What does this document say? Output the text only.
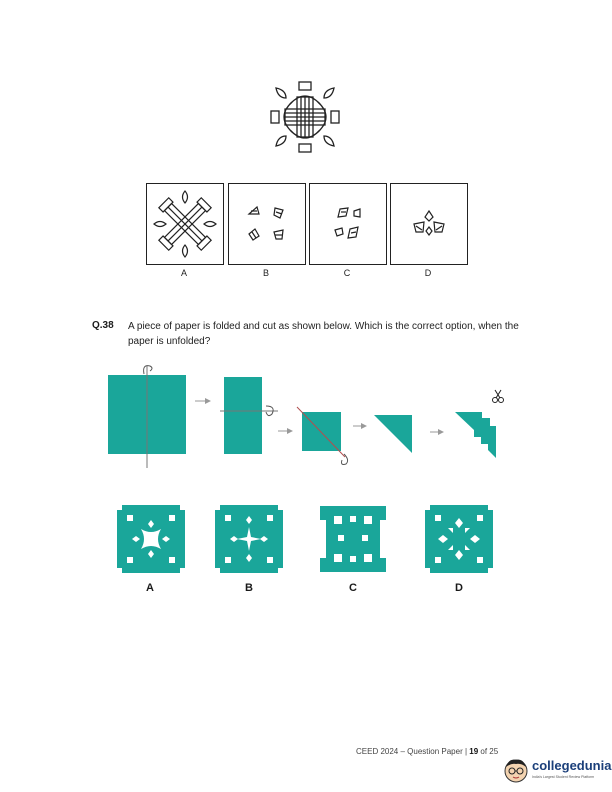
A	B	C	D
Q.38 A piece of paper is folded and cut as shown below. Which is the correct option, when the paper is unfolded?
A	B	C	D
CEED 2024 – Question Paper | 19 of 25
collegedunia
India's Largest Student Review Platform
